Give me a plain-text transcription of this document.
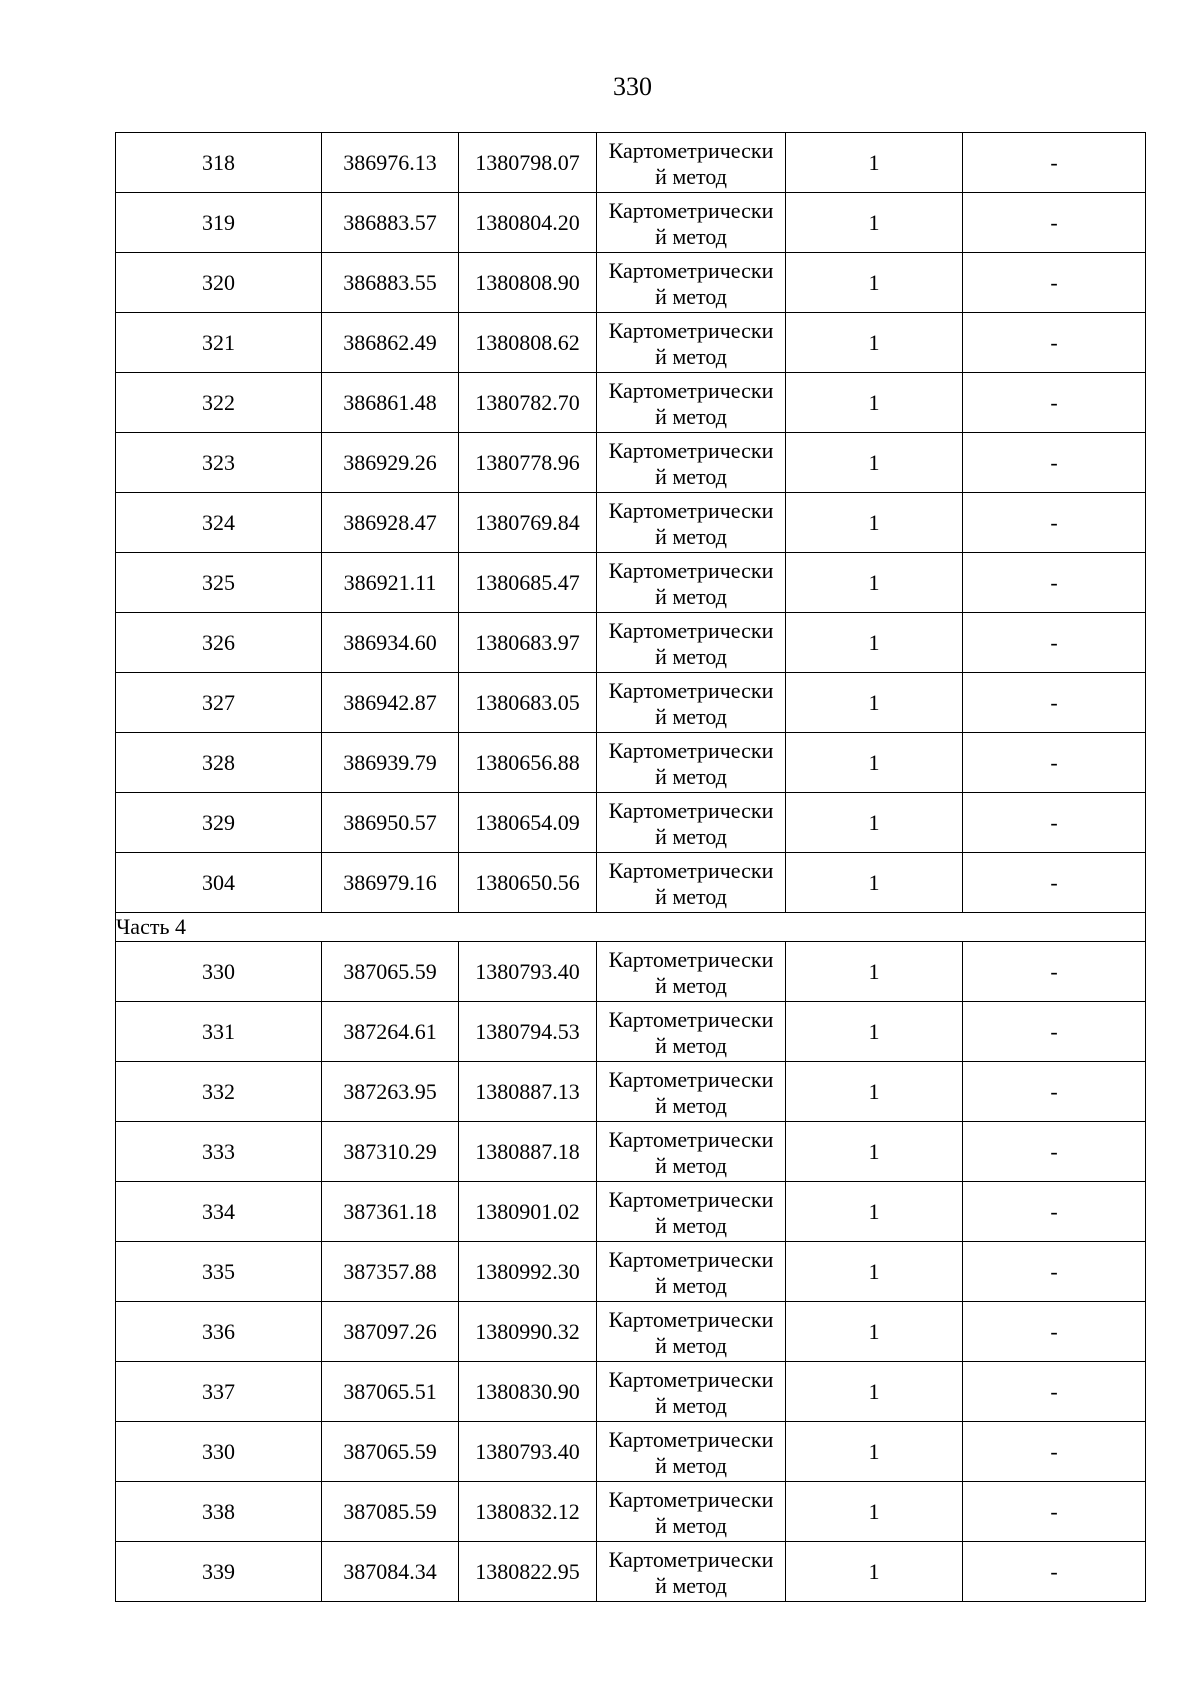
330
318	386976.13	1380798.07	Картометрически
й метод	1	-
319	386883.57	1380804.20	Картометрически
й метод	1	-
320	386883.55	1380808.90	Картометрически
й метод	1	-
321	386862.49	1380808.62	Картометрически
й метод	1	-
322	386861.48	1380782.70	Картометрически
й метод	1	-
323	386929.26	1380778.96	Картометрически
й метод	1	-
324	386928.47	1380769.84	Картометрически
й метод	1	-
325	386921.11	1380685.47	Картометрически
й метод	1	-
326	386934.60	1380683.97	Картометрически
й метод	1	-
327	386942.87	1380683.05	Картометрически
й метод	1	-
328	386939.79	1380656.88	Картометрически
й метод	1	-
329	386950.57	1380654.09	Картометрически
й метод	1	-
304	386979.16	1380650.56	Картометрически
й метод	1	-
Часть 4					
330	387065.59	1380793.40	Картометрически
й метод	1	-
331	387264.61	1380794.53	Картометрически
й метод	1	-
332	387263.95	1380887.13	Картометрически
й метод	1	-
333	387310.29	1380887.18	Картометрически
й метод	1	-
334	387361.18	1380901.02	Картометрически
й метод	1	-
335	387357.88	1380992.30	Картометрически
й метод	1	-
336	387097.26	1380990.32	Картометрически
й метод	1	-
337	387065.51	1380830.90	Картометрически
й метод	1	-
330	387065.59	1380793.40	Картометрически
й метод	1	-
338	387085.59	1380832.12	Картометрически
й метод	1	-
339	387084.34	1380822.95	Картометрически
й метод	1	-
